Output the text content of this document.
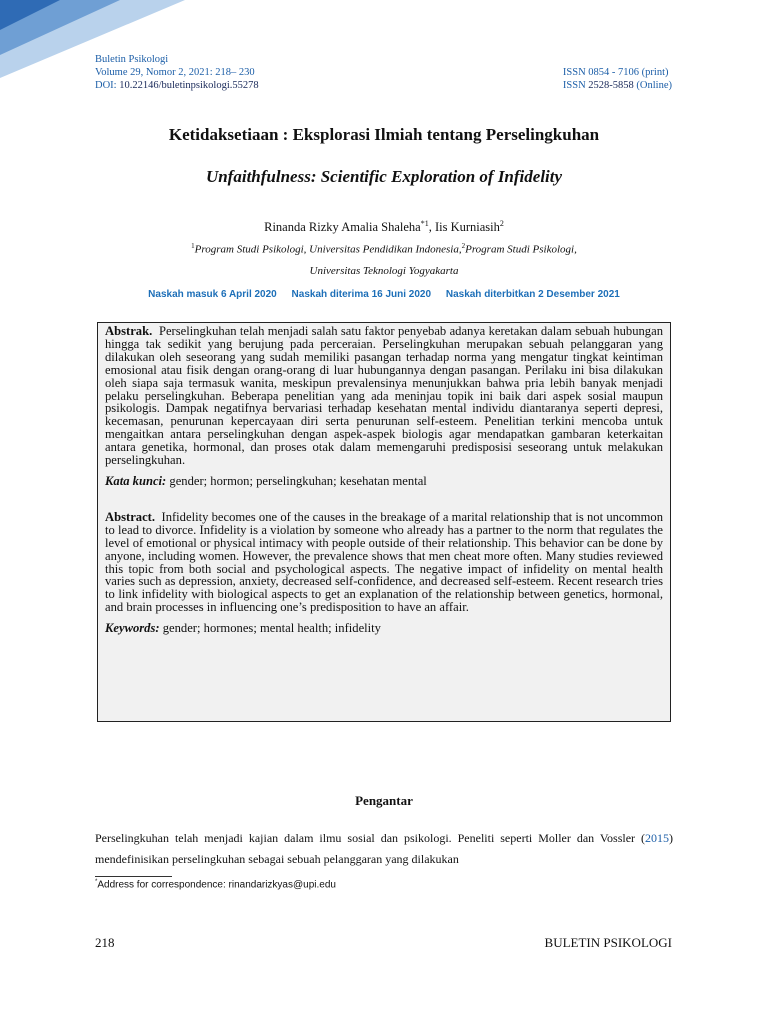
Buletin Psikologi
Volume 29, Nomor 2, 2021: 218– 230
DOI: 10.22146/buletinpsikologi.55278
ISSN 0854 - 7106 (print)
ISSN 2528-5858 (Online)
Ketidaksetiaan : Eksplorasi Ilmiah tentang Perselingkuhan
Unfaithfulness: Scientific Exploration of Infidelity
Rinanda Rizky Amalia Shaleha$^{*1}$, Iis Kurniasih$^2$
$^1$Program Studi Psikologi, Universitas Pendidikan Indonesia,$^2$Program Studi Psikologi,
Universitas Teknologi Yogyakarta
Naskah masuk 6 April 2020 Naskah diterima 16 Juni 2020 Naskah diterbitkan 2 Desember 2021

Abstrak. Perselingkuhan telah menjadi salah satu faktor penyebab adanya keretakan dalam sebuah hubungan hingga tak sedikit yang berujung pada perceraian. Perselingkuhan merupakan sebuah pelanggaran yang dilakukan oleh seseorang yang sudah memiliki pasangan terhadap norma yang mengatur tingkat keintiman emosional atau fisik dengan orang-orang di luar hubungannya dengan pasangan. Perilaku ini bisa dilakukan oleh siapa saja termasuk wanita, meskipun prevalensinya menunjukkan bahwa pria lebih banyak menjadi pelaku perselingkuhan. Beberapa penelitian yang ada meninjau topik ini baik dari aspek sosial maupun psikologis. Dampak negatifnya bervariasi terhadap kesehatan mental individu diantaranya seperti depresi, kecemasan, penurunan kepercayaan diri serta penurunan self-esteem. Penelitian terkini mencoba untuk mengaitkan antara perselingkuhan dengan aspek-aspek biologis agar mendapatkan gambaran keterkaitan antara genetika, hormonal, dan proses otak dalam memengaruhi predisposisi seseorang untuk melakukan perselingkuhan.

Kata kunci: gender; hormon; perselingkuhan; kesehatan mental

Abstract. Infidelity becomes one of the causes in the breakage of a marital relationship that is not uncommon to lead to divorce. Infidelity is a violation by someone who already has a partner to the norm that regulates the level of emotional or physical intimacy with people outside of their relationship. This behavior can be done by anyone, including women. However, the prevalence shows that men cheat more often. Many studies reviewed this topic from both social and psychological aspects. The negative impact of infidelity on mental health varies such as depression, anxiety, decreased self-confidence, and decreased self-esteem. Recent research tries to link infidelity with biological aspects to get an explanation of the relationship between genetics, hormonal, and brain processes in influencing one’s predisposition to have an affair.

Keywords: gender; hormones; mental health; infidelity

Pengantar
Perselingkuhan telah menjadi kajian dalam ilmu sosial dan psikologi. Peneliti seperti Moller dan Vossler (2015) mendefinisikan perselingkuhan sebagai sebuah pelanggaran yang dilakukan
*Address for correspondence: rinandarizkyas@upi.edu
218	BULETIN PSIKOLOGI
